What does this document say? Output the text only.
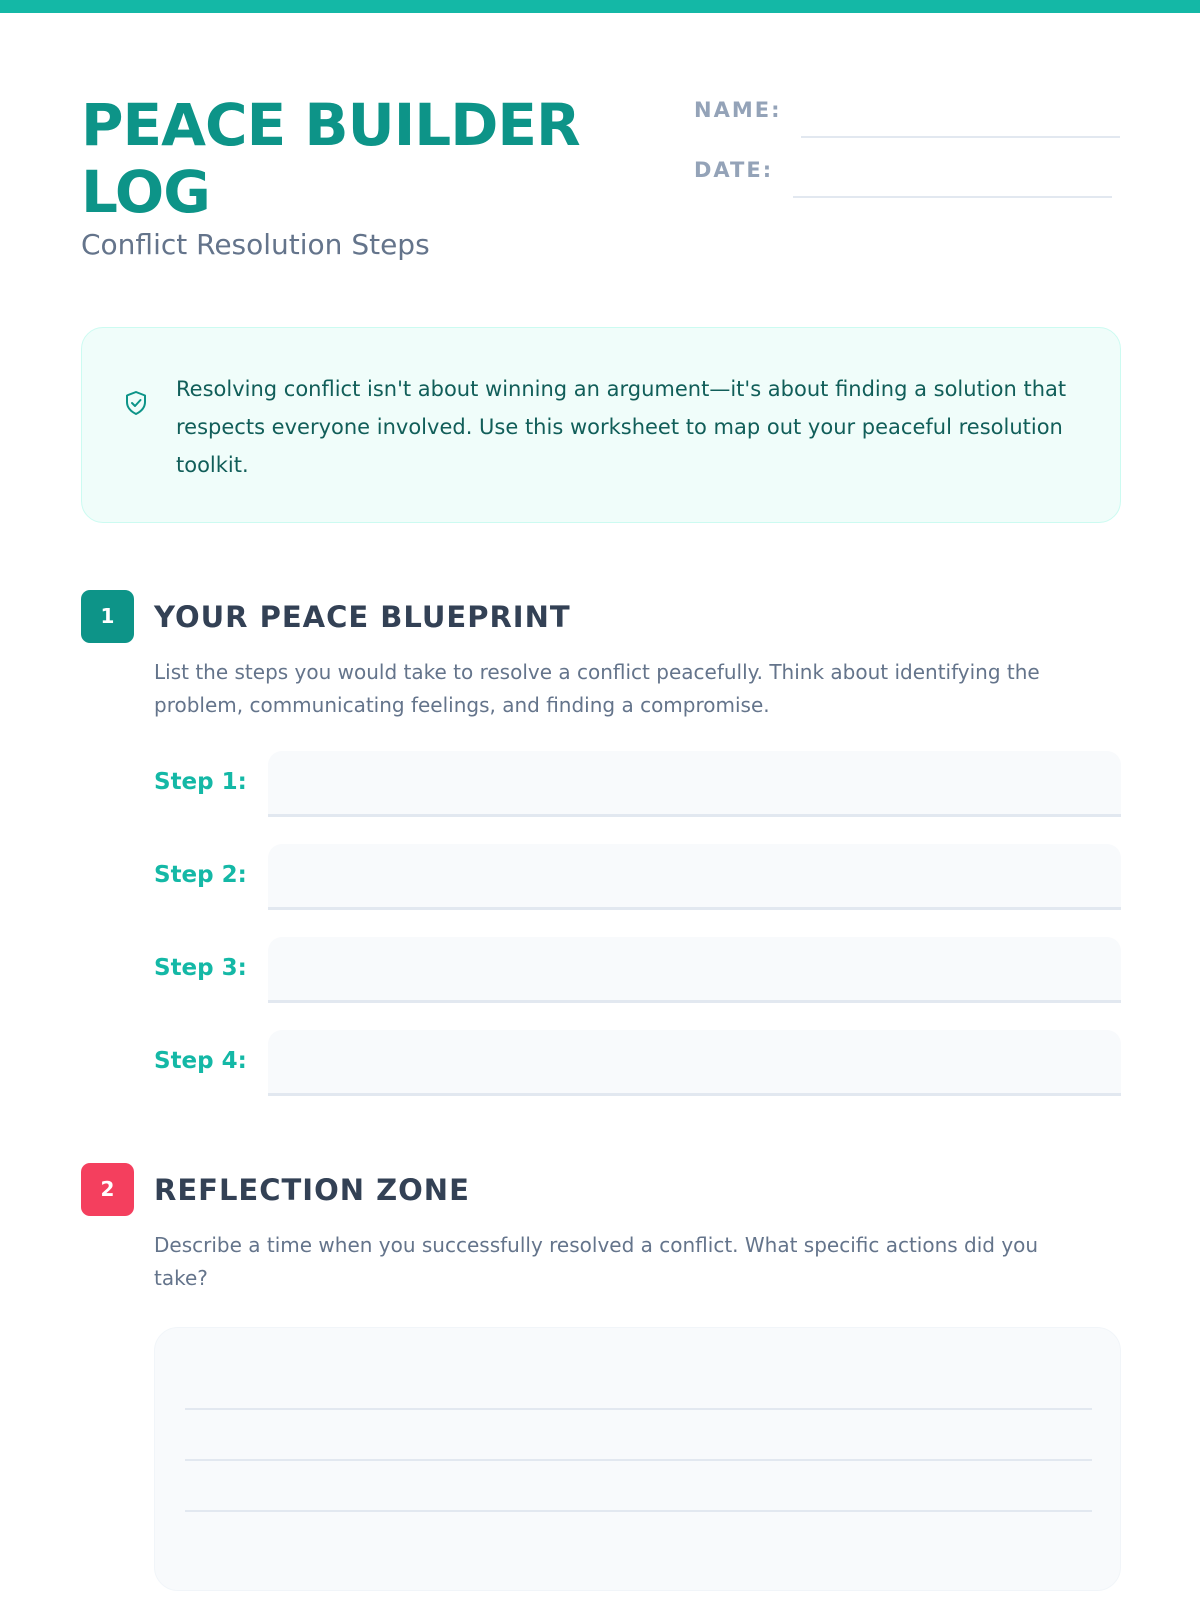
PEACE BUILDER LOG
Conflict Resolution Steps
NAME:
DATE:

Resolving conflict isn't about winning an argument—it's about finding a solution that respects everyone involved. Use this worksheet to map out your peaceful resolution toolkit.

1	YOUR PEACE BLUEPRINT

List the steps you would take to resolve a conflict peacefully. Think about identifying the problem, communicating feelings, and finding a compromise.

Step 1:
Step 2:
Step 3:
Step 4:
2	REFLECTION ZONE

Describe a time when you successfully resolved a conflict. What specific actions did you take?
